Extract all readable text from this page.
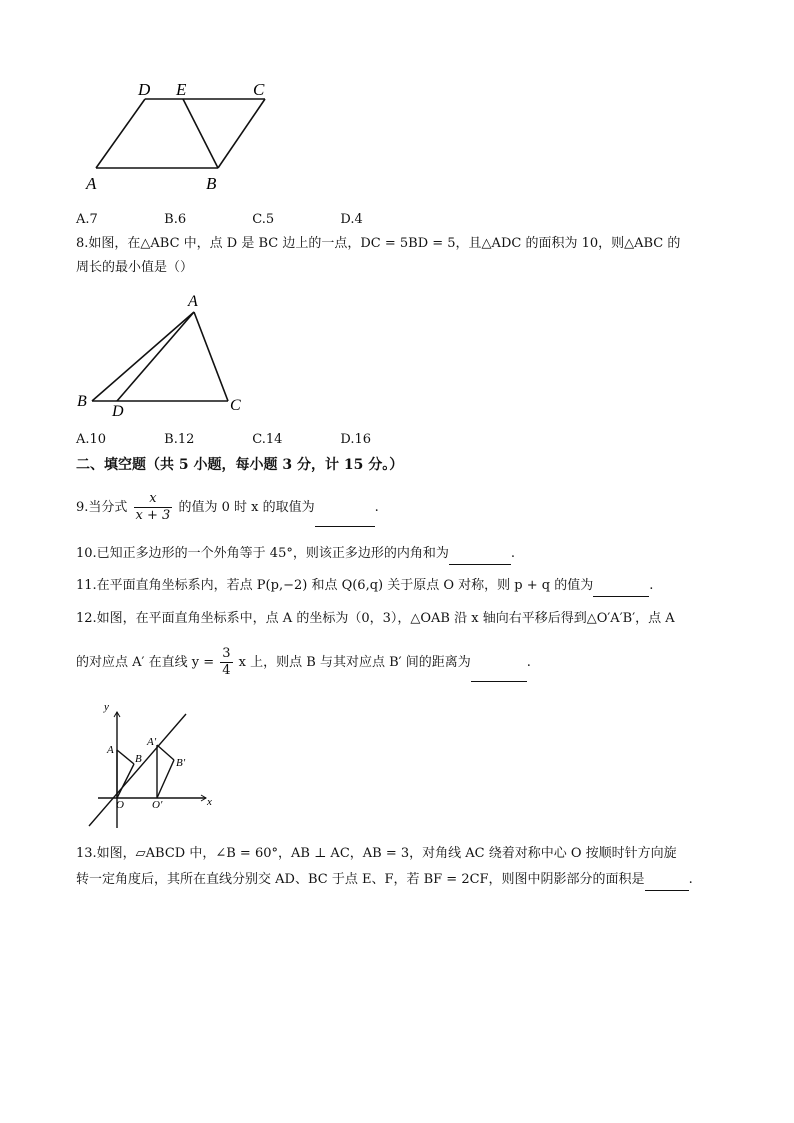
D E	C
A	B
A.7	B.6	C.5	D.4
8.如图，在△ABC 中，点 D 是 BC 边上的一点，DC = 5BD = 5，且△ADC 的面积为 10，则△ABC 的
周长的最小值是（）
A
B
D	C
A.10	B.12	C.14	D.16
二、填空题（共 5 小题，每小题 3 分，计 15 分。）
9.当分式 $\frac{x}{x + 3}$ 的值为 0 时 x 的取值为	.
10.已知正多边形的一个外角等于 45°，则该正多边形的内角和为	.
11.在平面直角坐标系内，若点 P(p,−2) 和点 Q(6,q) 关于原点 O 对称，则 p + q 的值为	.
12.如图，在平面直角坐标系中，点 A 的坐标为（0，3），△OAB 沿 x 轴向右平移后得到△O′A′B′，点 A
的对应点 A′ 在直线 $y = \frac{3}{4}$ x 上，则点 B 与其对应点 B′ 间的距离为	.
y
x
A
B
O
A′
B′
O′
13.如图，▱ABCD 中，∠B = 60°，AB ⊥ AC，AB = 3，对角线 AC 绕着对称中心 O 按顺时针方向旋
转一定角度后，其所在直线分别交 AD、BC 于点 E、F，若 BF = 2CF，则图中阴影部分的面积是	.
